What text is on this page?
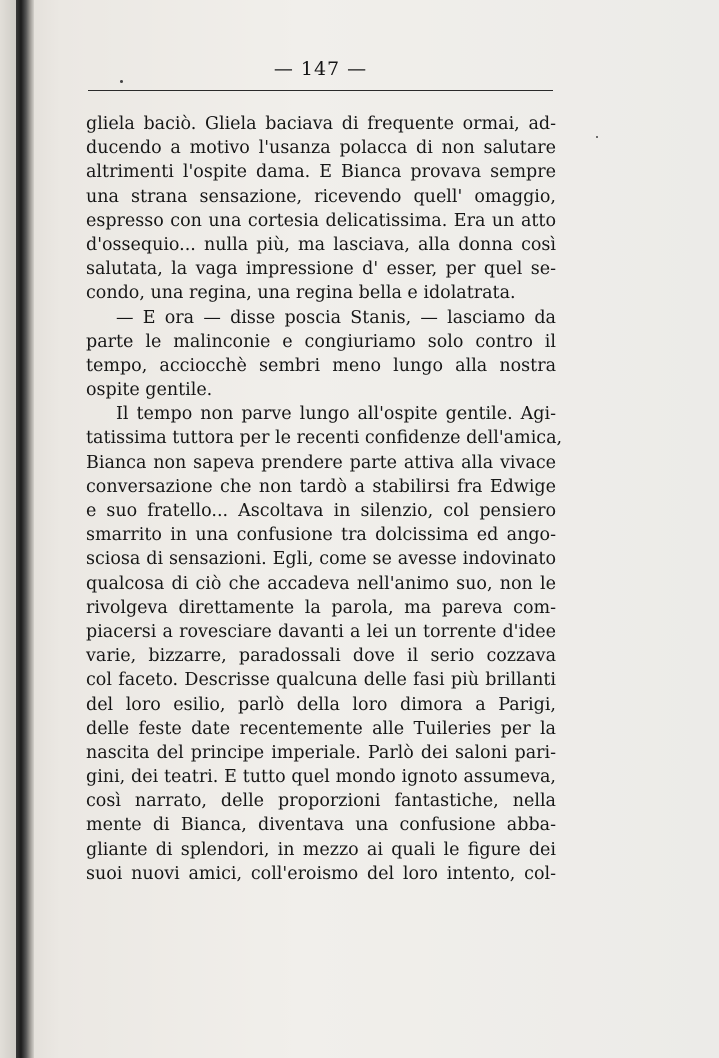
— 147 —
gliela baciò. Gliela baciava di frequente ormai, ad-
ducendo a motivo l'usanza polacca di non salutare
altrimenti l'ospite dama. E Bianca provava sempre
una strana sensazione, ricevendo quell' omaggio,
espresso con una cortesia delicatissima. Era un atto
d'ossequio... nulla più, ma lasciava, alla donna così
salutata, la vaga impressione d' esser, per quel se-
condo, una regina, una regina bella e idolatrata.
— E ora — disse poscia Stanis, — lasciamo da
parte le malinconie e congiuriamo solo contro il
tempo, acciocchè sembri meno lungo alla nostra
ospite gentile.
Il tempo non parve lungo all'ospite gentile. Agi-
tatissima tuttora per le recenti confidenze dell'amica,
Bianca non sapeva prendere parte attiva alla vivace
conversazione che non tardò a stabilirsi fra Edwige
e suo fratello... Ascoltava in silenzio, col pensiero
smarrito in una confusione tra dolcissima ed ango-
sciosa di sensazioni. Egli, come se avesse indovinato
qualcosa di ciò che accadeva nell'animo suo, non le
rivolgeva direttamente la parola, ma pareva com-
piacersi a rovesciare davanti a lei un torrente d'idee
varie, bizzarre, paradossali dove il serio cozzava
col faceto. Descrisse qualcuna delle fasi più brillanti
del loro esilio, parlò della loro dimora a Parigi,
delle feste date recentemente alle Tuileries per la
nascita del principe imperiale. Parlò dei saloni pari-
gini, dei teatri. E tutto quel mondo ignoto assumeva,
così narrato, delle proporzioni fantastiche, nella
mente di Bianca, diventava una confusione abba-
gliante di splendori, in mezzo ai quali le figure dei
suoi nuovi amici, coll'eroismo del loro intento, col-
